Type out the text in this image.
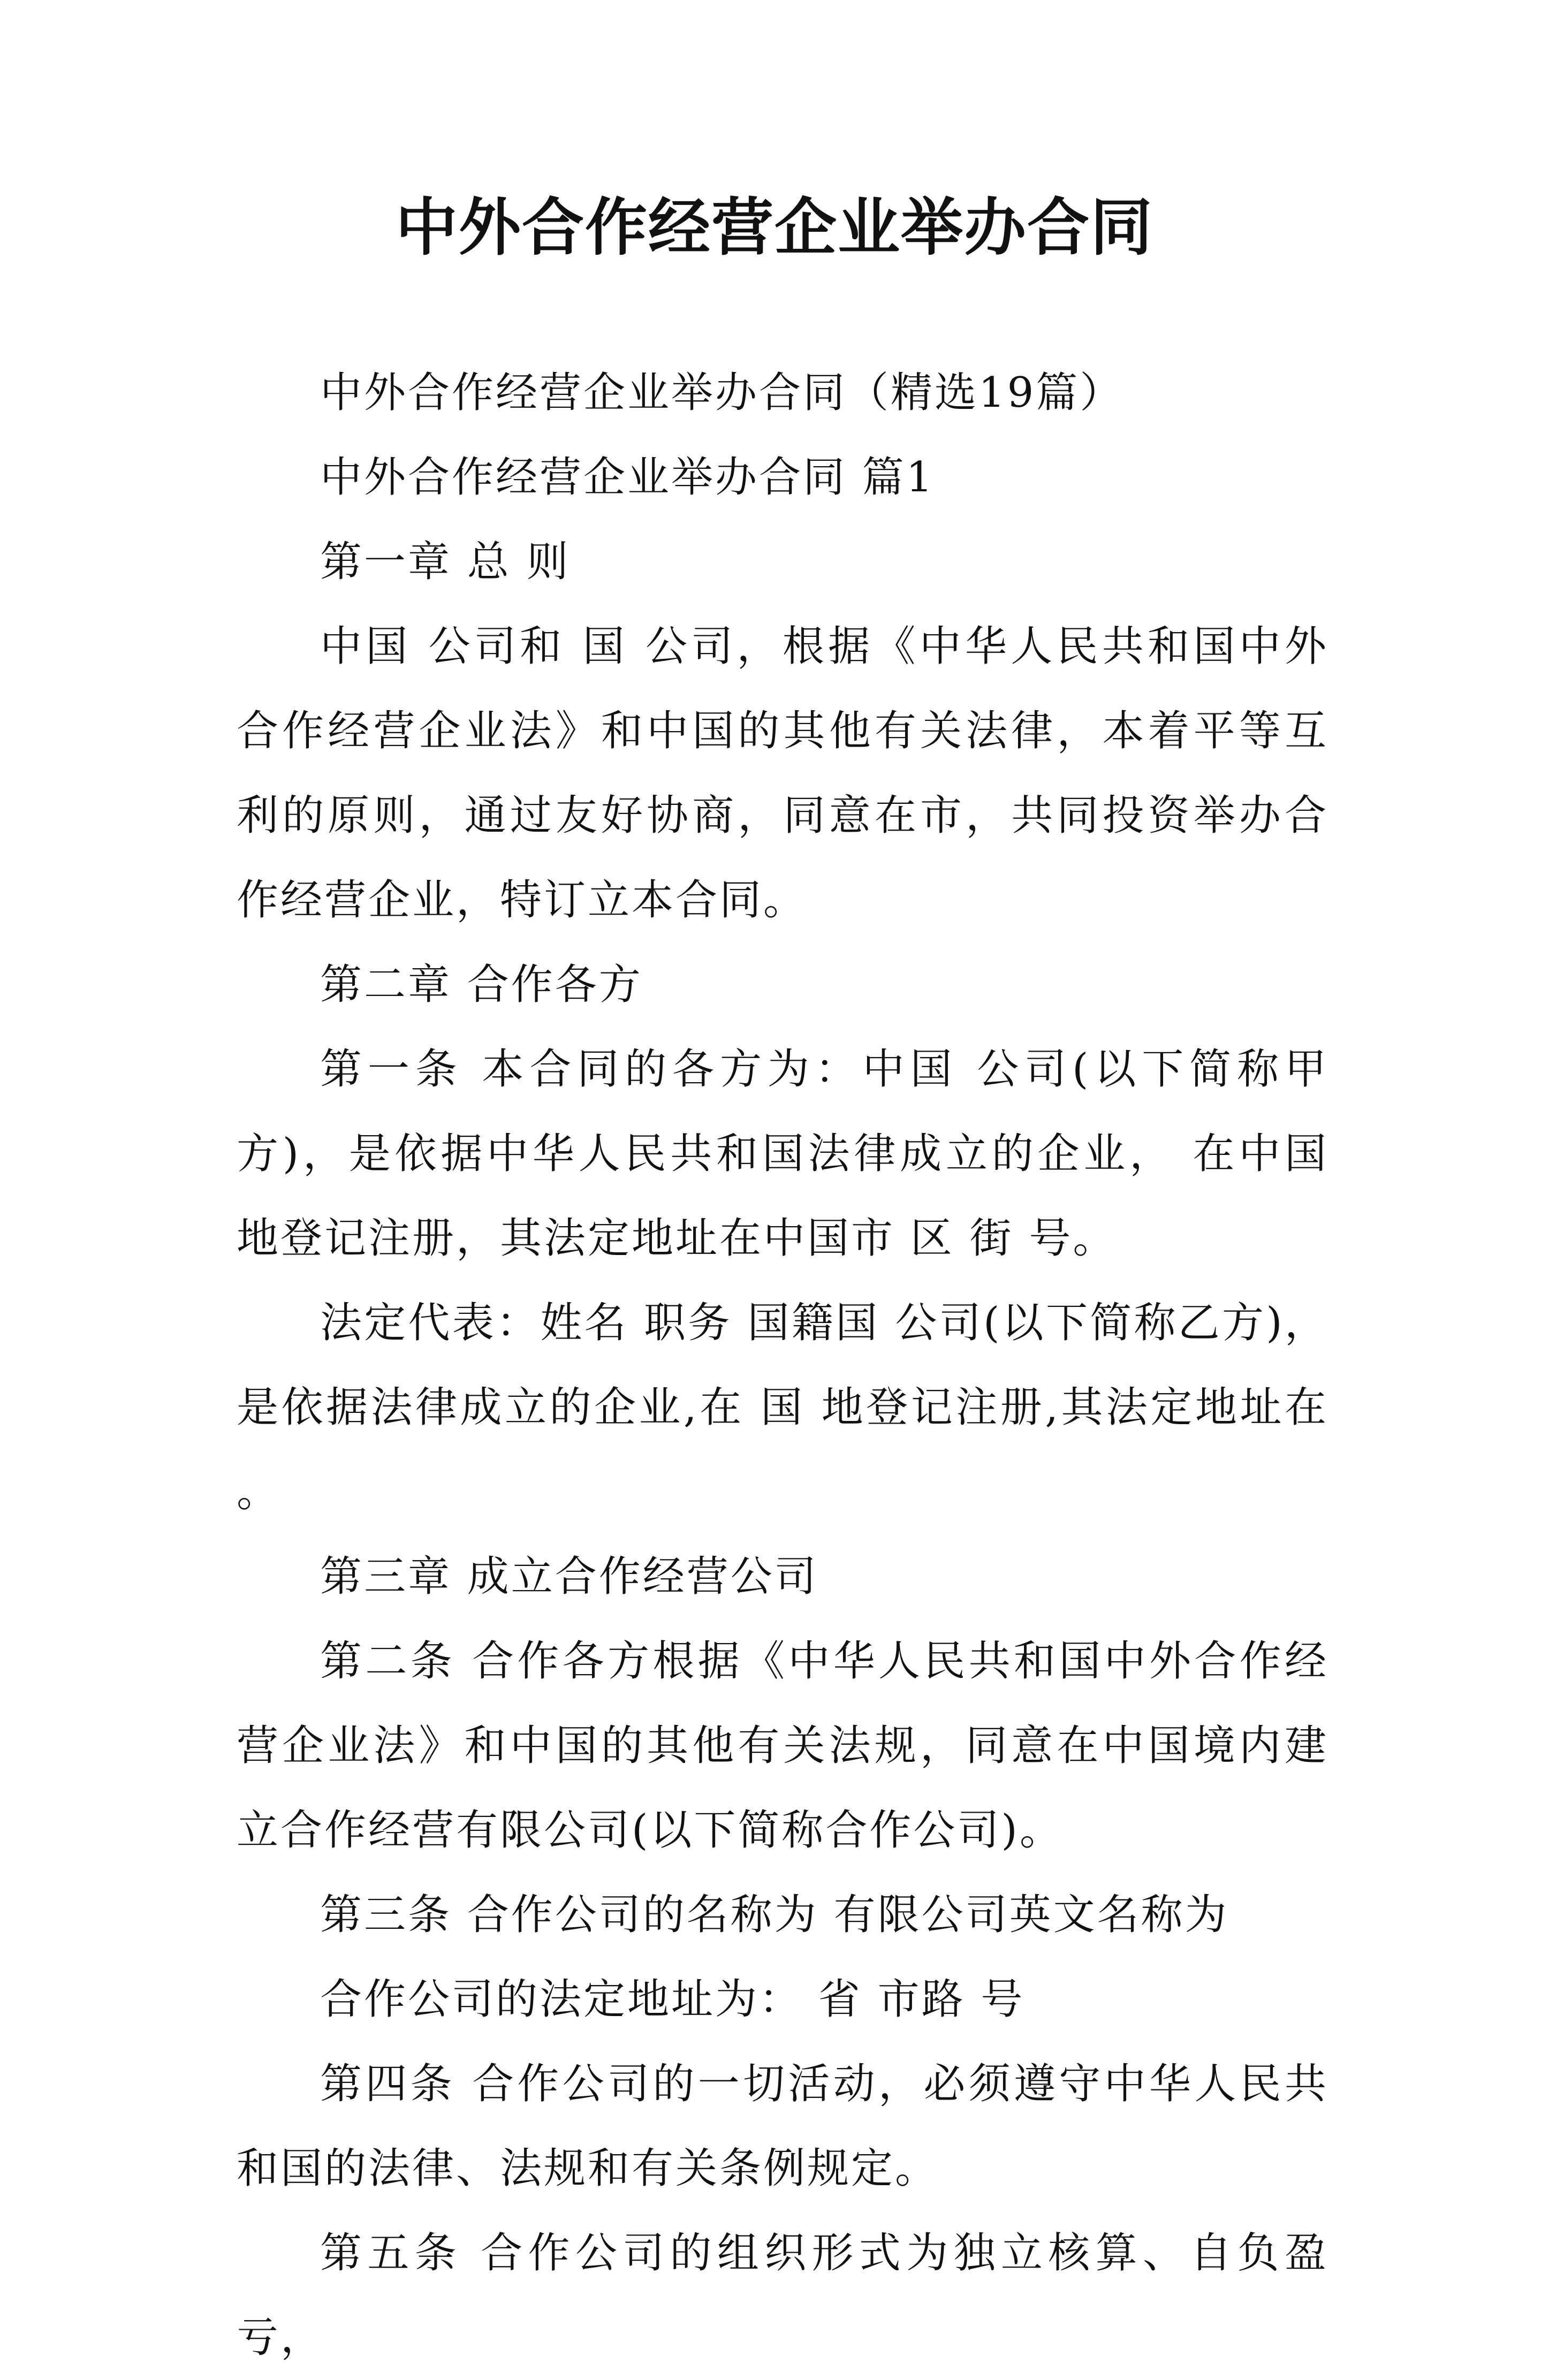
中外合作经营企业举办合同

中外合作经营企业举办合同（精选19篇）

中外合作经营企业举办合同 篇1

第一章 总 则

中国 公司和 国 公司，根据《中华人民共和国中外合作经营企业法》和中国的其他有关法律，本着平等互利的原则，通过友好协商，同意在市，共同投资举办合作经营企业，特订立本合同。

第二章 合作各方

第一条 本合同的各方为：中国 公司(以下简称甲方)，是依据中华人民共和国法律成立的企业， 在中国 地登记注册，其法定地址在中国市 区 街 号。

法定代表：姓名 职务 国籍国 公司(以下简称乙方)，是依据法律成立的企业,在 国 地登记注册,其法定地址在 。

第三章 成立合作经营公司

第二条 合作各方根据《中华人民共和国中外合作经营企业法》和中国的其他有关法规，同意在中国境内建立合作经营有限公司(以下简称合作公司)。

第三条 合作公司的名称为 有限公司英文名称为

合作公司的法定地址为： 省 市路 号

第四条 合作公司的一切活动，必须遵守中华人民共和国的法律、法规和有关条例规定。

第五条 合作公司的组织形式为独立核算、自负盈亏，
